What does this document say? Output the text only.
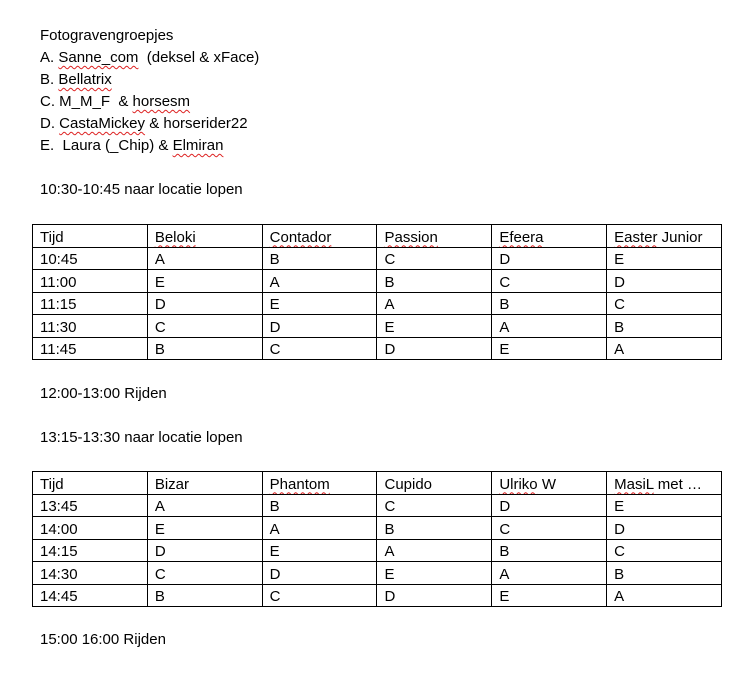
Fotogravengroepjes
A. Sanne_com  (deksel & xFace)
B. Bellatrix
C. M_M_F  & horsesm
D. CastaMickey & horserider22
E.  Laura (_Chip) & Elmiran
10:30-10:45 naar locatie lopen
Tijd	Beloki	Contador	Passion	Efeera	Easter Junior
10:45	A	B	C	D	E
11:00	E	A	B	C	D
11:15	D	E	A	B	C
11:30	C	D	E	A	B
11:45	B	C	D	E	A
12:00-13:00 Rijden
13:15-13:30 naar locatie lopen
Tijd	Bizar	Phantom	Cupido	Ulriko W	MasiL met …
13:45	A	B	C	D	E
14:00	E	A	B	C	D
14:15	D	E	A	B	C
14:30	C	D	E	A	B
14:45	B	C	D	E	A
15:00 16:00 Rijden
